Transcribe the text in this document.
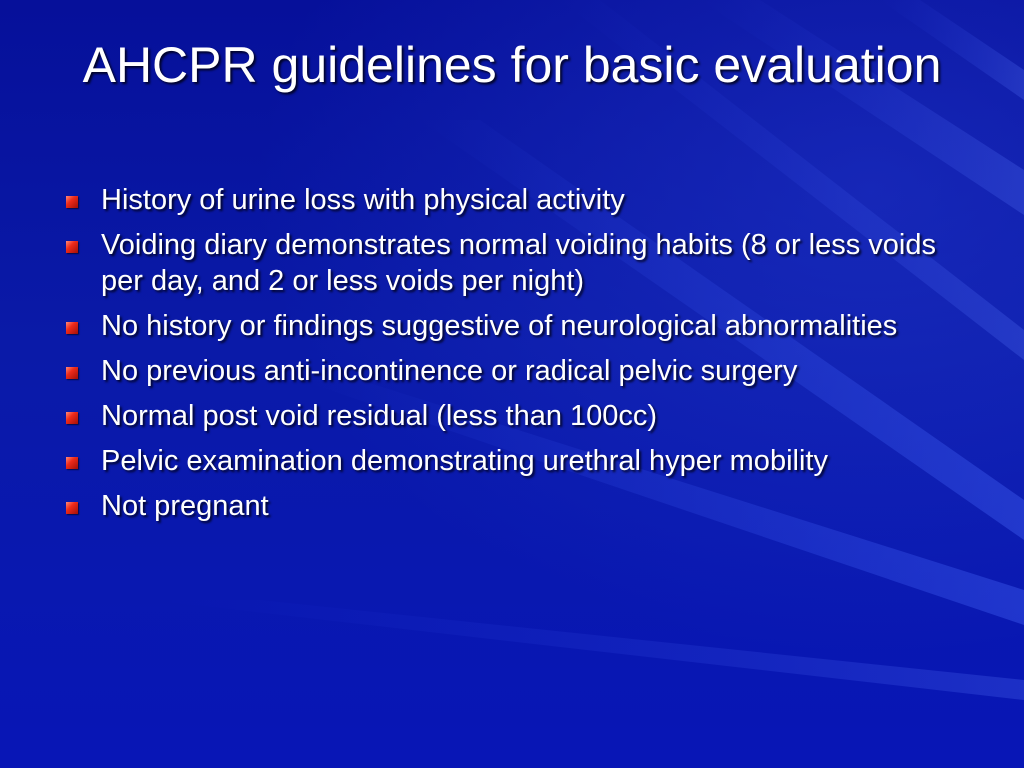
AHCPR guidelines for basic evaluation
History of urine loss with physical activity
Voiding diary demonstrates normal voiding habits (8 or less voids per day, and 2 or less voids per night)
No history or findings suggestive of neurological abnormalities
No previous anti-incontinence or radical pelvic surgery
Normal post void residual (less than 100cc)
Pelvic examination demonstrating urethral hyper mobility
Not pregnant
